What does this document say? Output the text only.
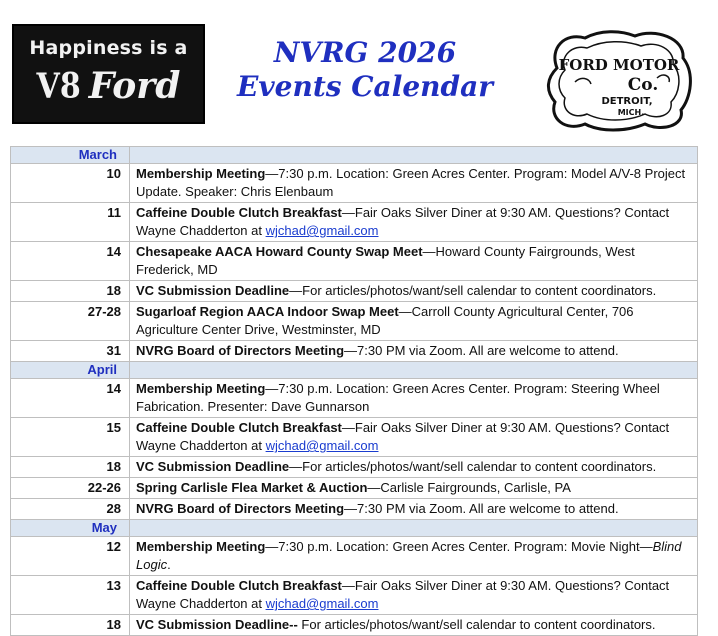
Happiness is a
V8 Ford
NVRG 2026
Events Calendar
FORD MOTOR
Co.
DETROIT,
MICH.
March	
10	Membership Meeting—7:30 p.m. Location: Green Acres Center. Program: Model A/V-8 Project Update. Speaker: Chris Elenbaum
11	Caffeine Double Clutch Breakfast—Fair Oaks Silver Diner at 9:30 AM. Questions? Contact Wayne Chadderton at wjchad@gmail.com
14	Chesapeake AACA Howard County Swap Meet—Howard County Fairgrounds, West Frederick, MD
18	VC Submission Deadline—For articles/photos/want/sell calendar to content coordinators.
27-28	Sugarloaf Region AACA Indoor Swap Meet—Carroll County Agricultural Center, 706 Agriculture Center Drive, Westminster, MD
31	NVRG Board of Directors Meeting—7:30 PM via Zoom. All are welcome to attend.
April	
14	Membership Meeting—7:30 p.m. Location: Green Acres Center. Program: Steering Wheel Fabrication. Presenter: Dave Gunnarson
15	Caffeine Double Clutch Breakfast—Fair Oaks Silver Diner at 9:30 AM. Questions? Contact Wayne Chadderton at wjchad@gmail.com
18	VC Submission Deadline—For articles/photos/want/sell calendar to content coordinators.
22-26	Spring Carlisle Flea Market & Auction—Carlisle Fairgrounds, Carlisle, PA
28	NVRG Board of Directors Meeting—7:30 PM via Zoom. All are welcome to attend.
May	
12	Membership Meeting—7:30 p.m. Location: Green Acres Center. Program: Movie Night—Blind Logic.
13	Caffeine Double Clutch Breakfast—Fair Oaks Silver Diner at 9:30 AM. Questions? Contact Wayne Chadderton at wjchad@gmail.com
18	VC Submission Deadline-- For articles/photos/want/sell calendar to content coordinators.
